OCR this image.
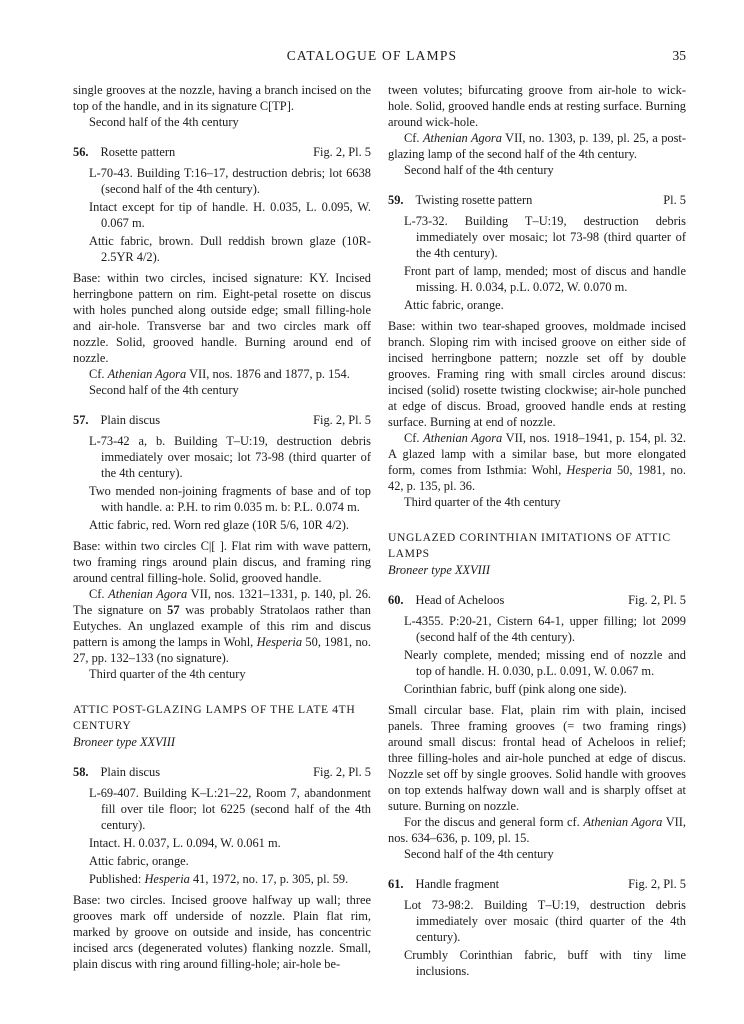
CATALOGUE OF LAMPS	35

single grooves at the nozzle, having a branch incised on the top of the handle, and in its signature C[TP].

Second half of the 4th century

56. Rosette pattern	Fig. 2, Pl. 5

L-70-43. Building T:16–17, destruction debris; lot 6638 (second half of the 4th century).

Intact except for tip of handle. H. 0.035, L. 0.095, W. 0.067 m.

Attic fabric, brown. Dull reddish brown glaze (10R-2.5YR 4/2).

Base: within two circles, incised signature: KY. Incised herringbone pattern on rim. Eight-petal rosette on discus with holes punched along outside edge; small filling-hole and air-hole. Transverse bar and two circles mark off nozzle. Solid, grooved handle. Burning around end of nozzle.

Cf. Athenian Agora VII, nos. 1876 and 1877, p. 154.

Second half of the 4th century

57. Plain discus	Fig. 2, Pl. 5

L-73-42 a, b. Building T–U:19, destruction debris immediately over mosaic; lot 73-98 (third quarter of the 4th century).

Two mended non-joining fragments of base and of top with handle. a: P.H. to rim 0.035 m. b: P.L. 0.074 m.

Attic fabric, red. Worn red glaze (10R 5/6, 10R 4/2).

Base: within two circles Ϲ|[ ]. Flat rim with wave pattern, two framing rings around plain discus, and framing ring around central filling-hole. Solid, grooved handle.

Cf. Athenian Agora VII, nos. 1321–1331, p. 140, pl. 26. The signature on 57 was probably Stratolaos rather than Eutyches. An unglazed example of this rim and discus pattern is among the lamps in Wohl, Hesperia 50, 1981, no. 27, pp. 132–133 (no signature).

Third quarter of the 4th century

ATTIC POST-GLAZING LAMPS OF THE LATE 4TH CENTURY
Broneer type XXVIII
58. Plain discus	Fig. 2, Pl. 5

L-69-407. Building K–L:21–22, Room 7, abandonment fill over tile floor; lot 6225 (second half of the 4th century).

Intact. H. 0.037, L. 0.094, W. 0.061 m.

Attic fabric, orange.

Published: Hesperia 41, 1972, no. 17, p. 305, pl. 59.

Base: two circles. Incised groove halfway up wall; three grooves mark off underside of nozzle. Plain flat rim, marked by groove on outside and inside, has concentric incised arcs (degenerated volutes) flanking nozzle. Small, plain discus with ring around filling-hole; air-hole be-

tween volutes; bifurcating groove from air-hole to wick-hole. Solid, grooved handle ends at resting surface. Burning around wick-hole.

Cf. Athenian Agora VII, no. 1303, p. 139, pl. 25, a post-glazing lamp of the second half of the 4th century.

Second half of the 4th century

59. Twisting rosette pattern	Pl. 5

L-73-32. Building T–U:19, destruction debris immediately over mosaic; lot 73-98 (third quarter of the 4th century).

Front part of lamp, mended; most of discus and handle missing. H. 0.034, p.L. 0.072, W. 0.070 m.

Attic fabric, orange.

Base: within two tear-shaped grooves, moldmade incised branch. Sloping rim with incised groove on either side of incised herringbone pattern; nozzle set off by double grooves. Framing ring with small circles around discus: incised (solid) rosette twisting clockwise; air-hole punched at edge of discus. Broad, grooved handle ends at resting surface. Burning at end of nozzle.

Cf. Athenian Agora VII, nos. 1918–1941, p. 154, pl. 32. A glazed lamp with a similar base, but more elongated form, comes from Isthmia: Wohl, Hesperia 50, 1981, no. 42, p. 135, pl. 36.

Third quarter of the 4th century

UNGLAZED CORINTHIAN IMITATIONS OF ATTIC LAMPS
Broneer type XXVIII
60. Head of Acheloos	Fig. 2, Pl. 5

L-4355. P:20-21, Cistern 64-1, upper filling; lot 2099 (second half of the 4th century).

Nearly complete, mended; missing end of nozzle and top of handle. H. 0.030, p.L. 0.091, W. 0.067 m.

Corinthian fabric, buff (pink along one side).

Small circular base. Flat, plain rim with plain, incised panels. Three framing grooves (= two framing rings) around small discus: frontal head of Acheloos in relief; three filling-holes and air-hole punched at edge of discus. Nozzle set off by single grooves. Solid handle with grooves on top extends halfway down wall and is sharply offset at suture. Burning on nozzle.

For the discus and general form cf. Athenian Agora VII, nos. 634–636, p. 109, pl. 15.

Second half of the 4th century

61. Handle fragment	Fig. 2, Pl. 5

Lot 73-98:2. Building T–U:19, destruction debris immediately over mosaic (third quarter of the 4th century).

Crumbly Corinthian fabric, buff with tiny lime inclusions.
